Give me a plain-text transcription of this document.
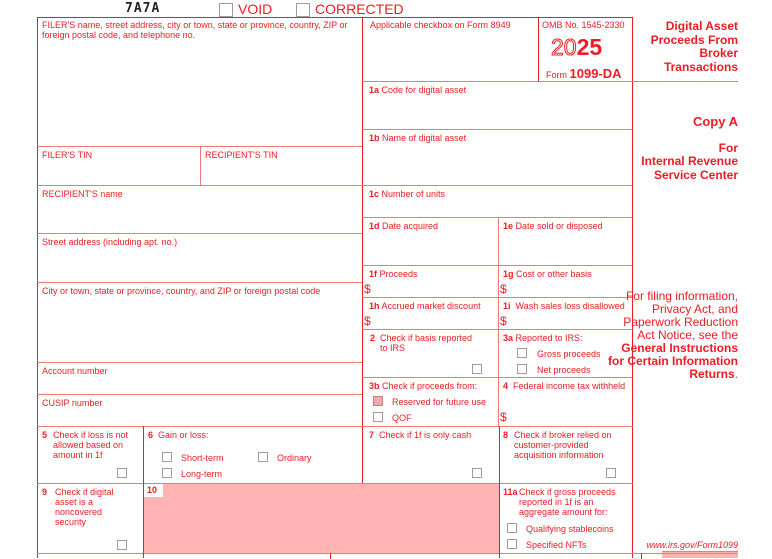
7A7A	VOID	CORRECTED
FILER'S name, street address, city or town, state or province, country, ZIP or foreign postal code, and telephone no.
FILER'S TIN	RECIPIENT'S TIN
RECIPIENT'S name
Street address (including apt. no.)
City or town, state or province, country, and ZIP or foreign postal code
Account number
CUSIP number
5 Check if loss is not allowed based on amount in 1f
6 Gain or loss:
Short-term
Long-term
Ordinary
9 Check if digital asset is a noncovered security
10
Applicable checkbox on Form 8949	OMB No. 1545-2330
2025
Form 1099-DA
1a Code for digital asset
1b Name of digital asset
1c Number of units
1d Date acquired	1e Date sold or disposed
1f Proceeds
$
1g Cost or other basis
$
1h Accrued market discount
$
1i Wash sales loss disallowed
$
2 Check if basis reported to IRS
3a Reported to IRS:
Gross proceeds
Net proceeds
3b Check if proceeds from:
Reserved for future use
QOF
4 Federal income tax withheld
$
7 Check if 1f is only cash	8 Check if broker relied on customer-provided acquisition information
11a Check if gross proceeds reported in 1f is an aggregate amount for:
Qualifying stablecoins
Specified NFTs
Digital Asset Proceeds From Broker Transactions
Copy A
For
Internal Revenue Service Center
For filing information, Privacy Act, and Paperwork Reduction Act Notice, see the General Instructions for Certain Information Returns.
www.irs.gov/Form1099
